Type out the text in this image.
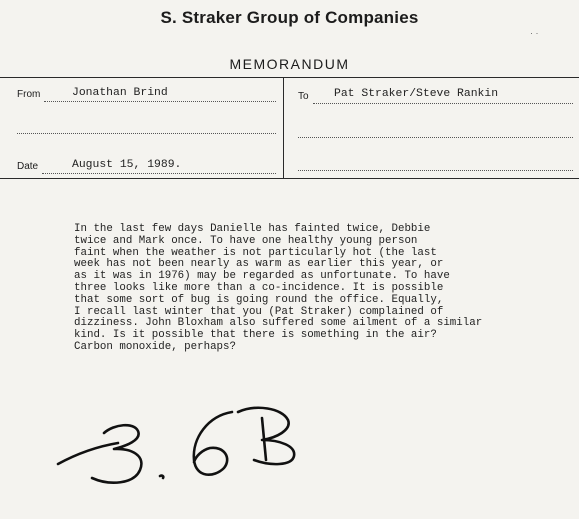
S. Straker Group of Companies
MEMORANDUM
· ·
From	Jonathan Brind	To Pat Straker/Steve Rankin
Date	August 15, 1989.
In the last few days Danielle has fainted twice, Debbie
twice and Mark once. To have one healthy young person
faint when the weather is not particularly hot (the last
week has not been nearly as warm as earlier this year, or
as it was in 1976) may be regarded as unfortunate. To have
three looks like more than a co-incidence. It is possible
that some sort of bug is going round the office. Equally,
I recall last winter that you (Pat Straker) complained of
dizziness. John Bloxham also suffered some ailment of a similar
kind. Is it possible that there is something in the air?
Carbon monoxide, perhaps?
